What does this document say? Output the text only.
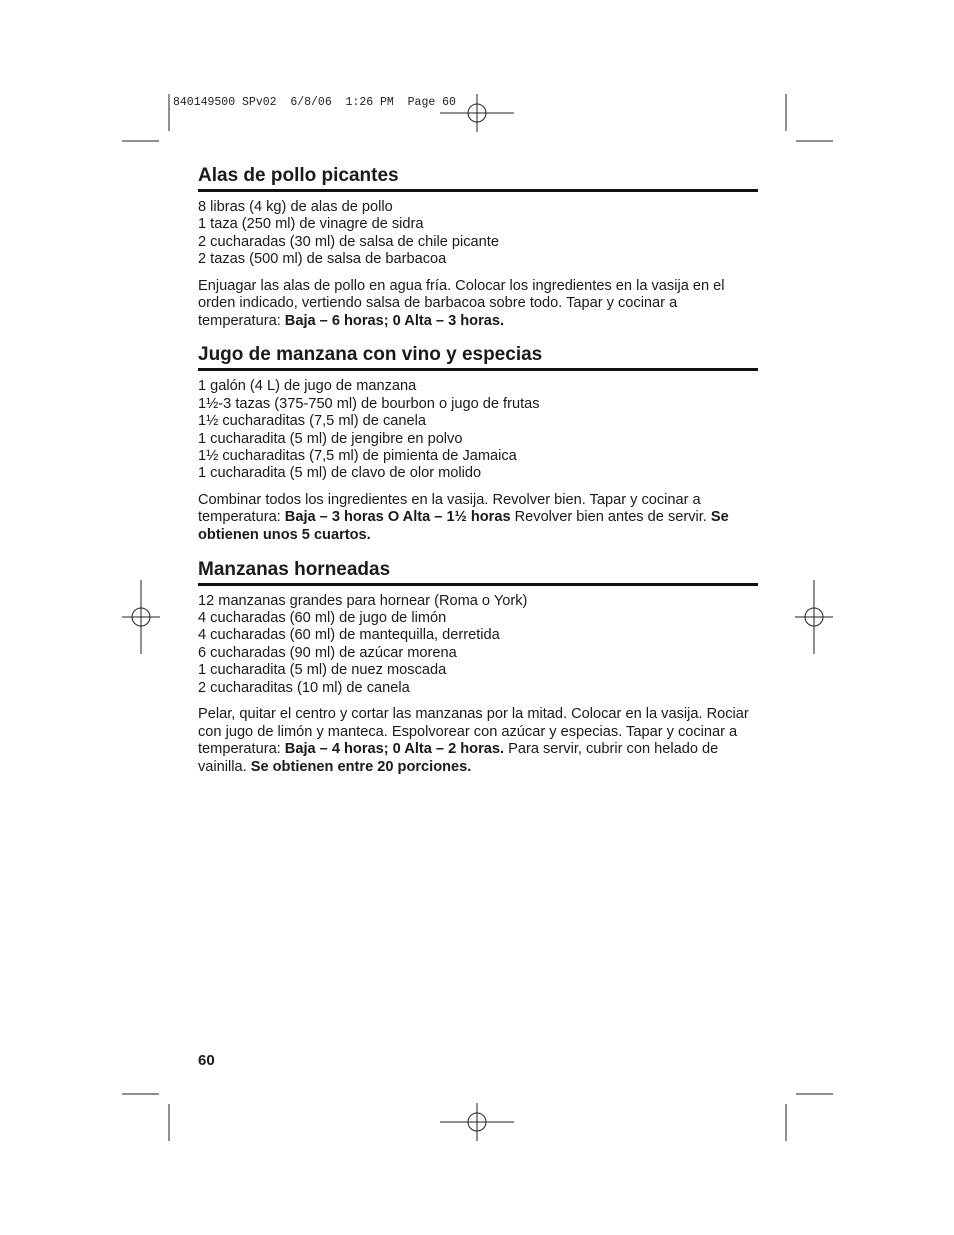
840149500 SPv02  6/8/06  1:26 PM  Page 60
Alas de pollo picantes
8 libras (4 kg) de alas de pollo
1 taza (250 ml) de vinagre de sidra
2 cucharadas (30 ml) de salsa de chile picante
2 tazas (500 ml) de salsa de barbacoa

Enjuagar las alas de pollo en agua fría. Colocar los ingredientes en la vasija en el orden indicado, vertiendo salsa de barbacoa sobre todo. Tapar y cocinar a temperatura: Baja – 6 horas; 0 Alta – 3 horas.

Jugo de manzana con vino y especias
1 galón (4 L) de jugo de manzana
1½-3 tazas (375-750 ml) de bourbon o jugo de frutas
1½ cucharaditas (7,5 ml) de canela
1 cucharadita (5 ml) de jengibre en polvo
1½ cucharaditas (7,5 ml) de pimienta de Jamaica
1 cucharadita (5 ml) de clavo de olor molido

Combinar todos los ingredientes en la vasija. Revolver bien. Tapar y cocinar a temperatura: Baja – 3 horas O Alta – 1½ horas Revolver bien antes de servir. Se obtienen unos 5 cuartos.

Manzanas horneadas
12 manzanas grandes para hornear (Roma o York)
4 cucharadas (60 ml) de jugo de limón
4 cucharadas (60 ml) de mantequilla, derretida
6 cucharadas (90 ml) de azúcar morena
1 cucharadita (5 ml) de nuez moscada
2 cucharaditas (10 ml) de canela

Pelar, quitar el centro y cortar las manzanas por la mitad. Colocar en la vasija. Rociar con jugo de limón y manteca. Espolvorear con azúcar y especias. Tapar y cocinar a temperatura: Baja – 4 horas; 0 Alta – 2 horas. Para servir, cubrir con helado de vainilla. Se obtienen entre 20 porciones.

60
